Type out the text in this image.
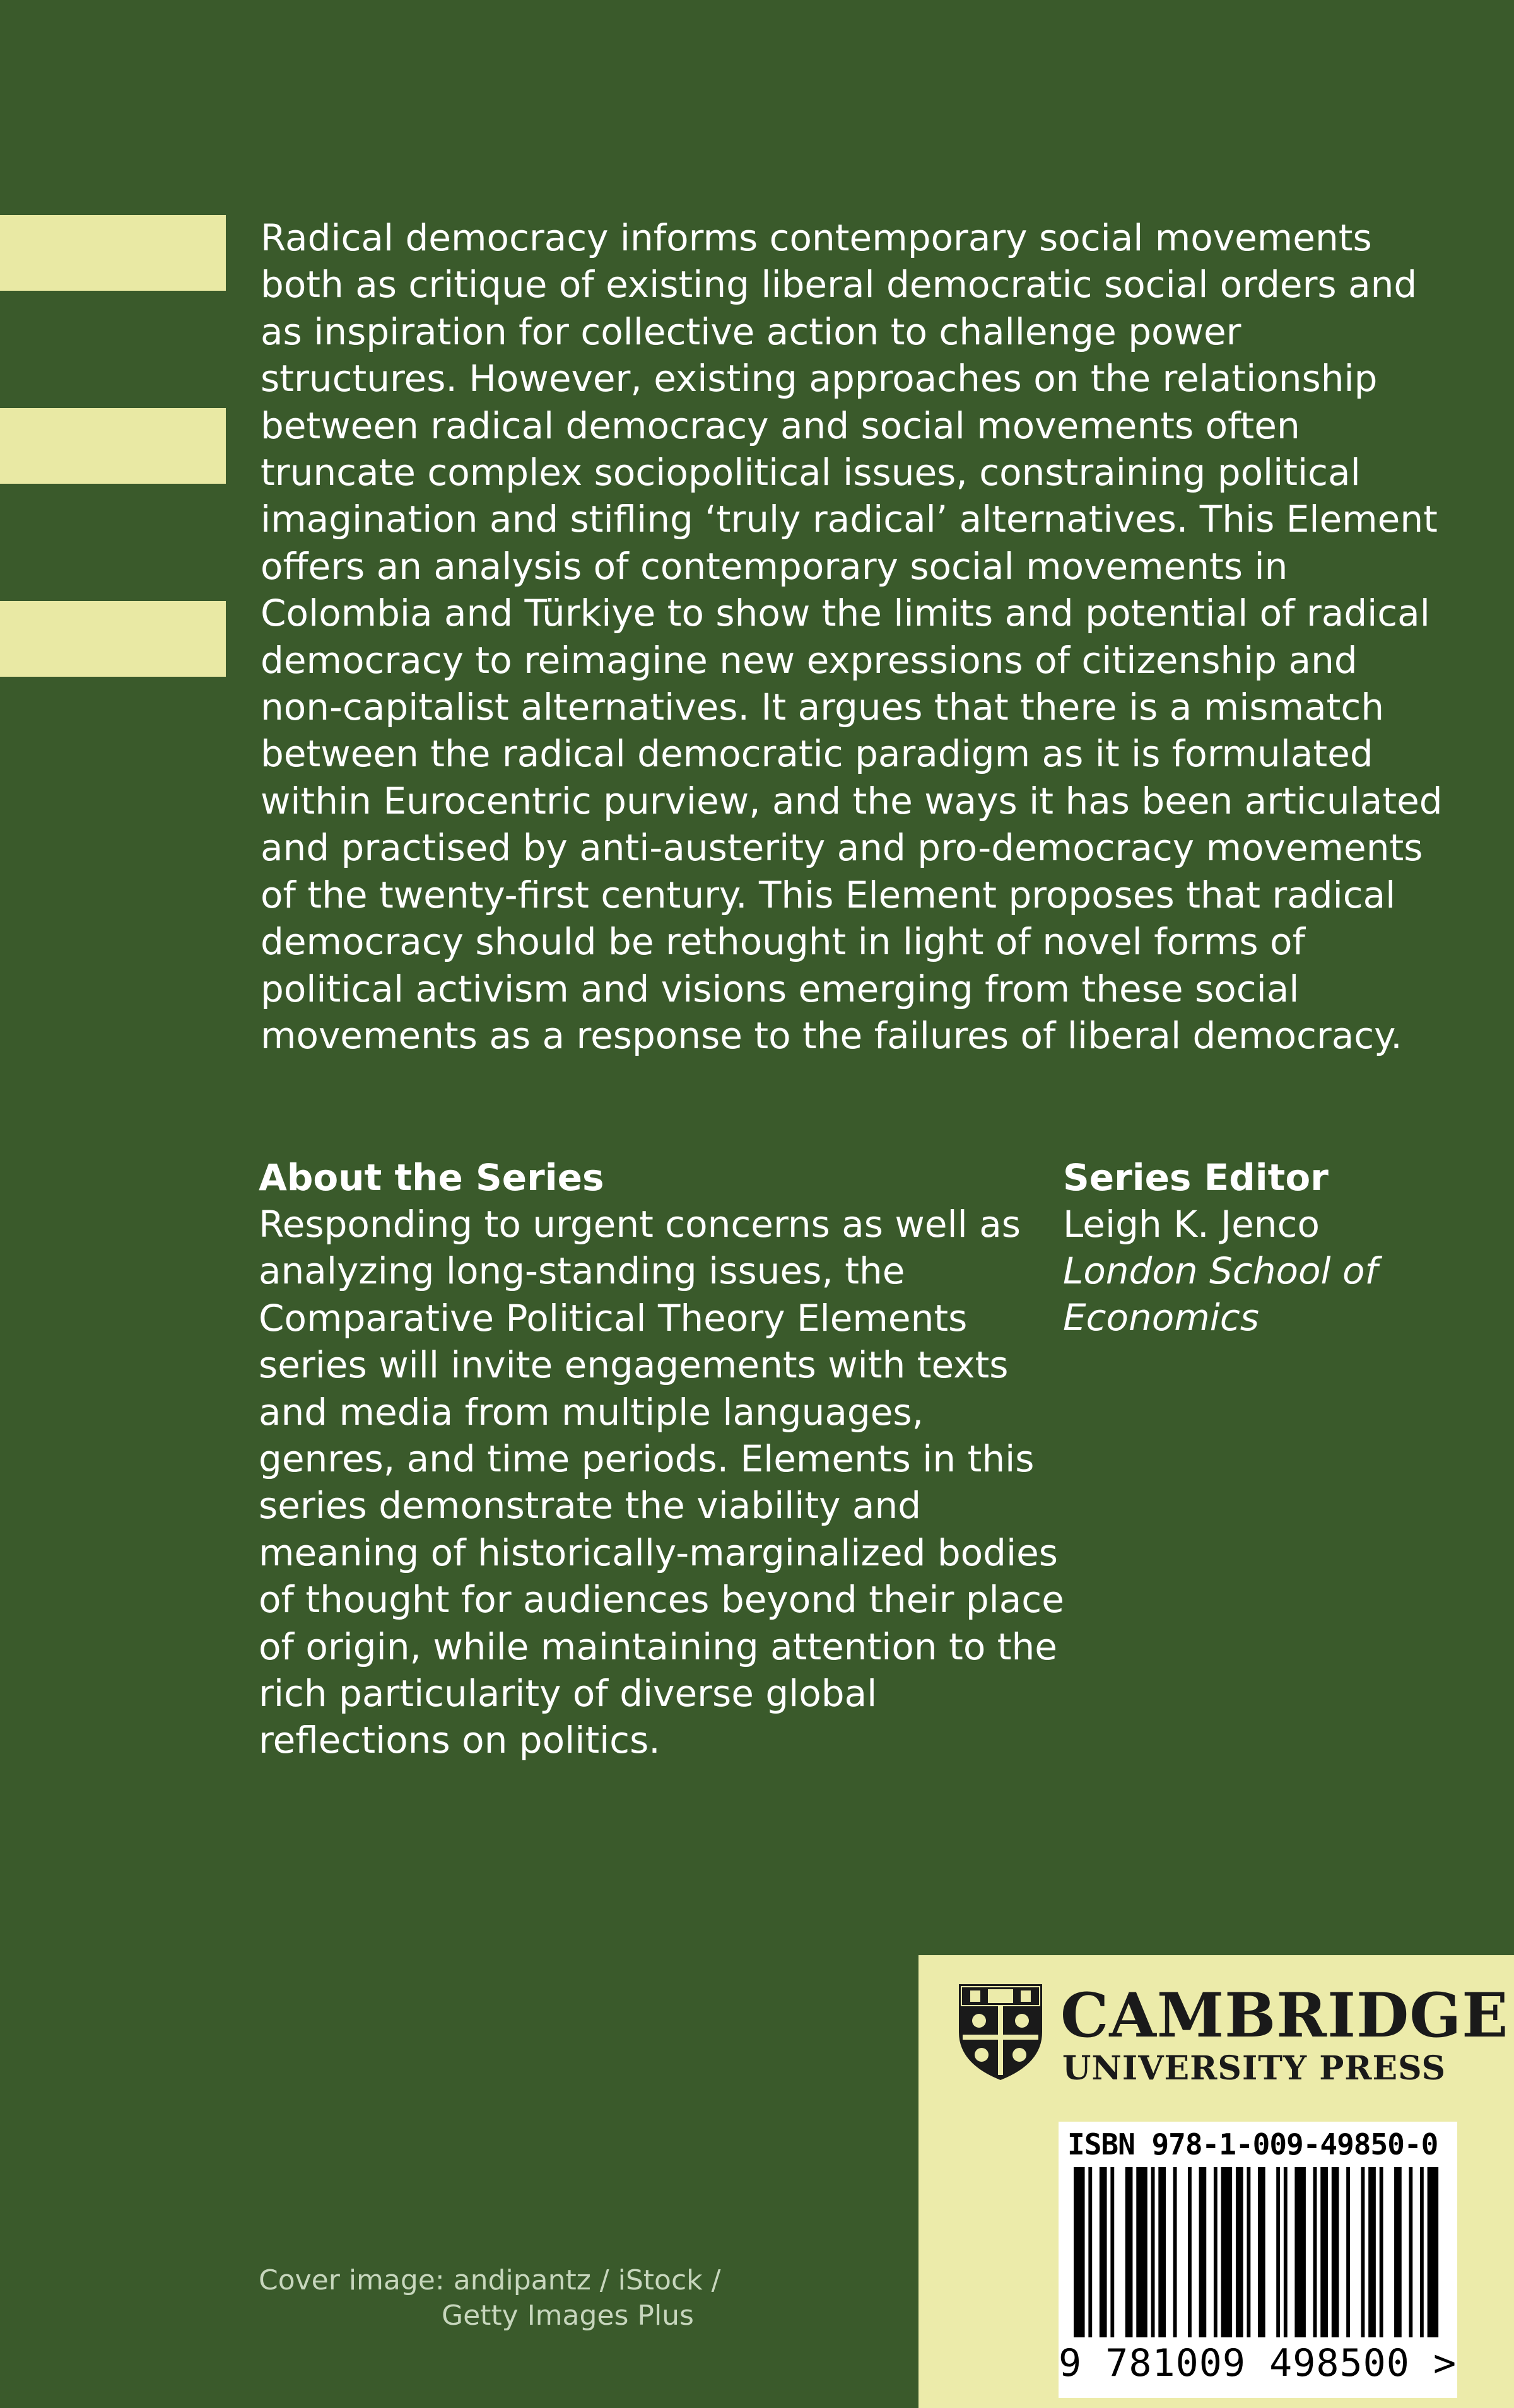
Radical democracy informs contemporary social movements both as critique of existing liberal democratic social orders and as inspiration for collective action to challenge power structures. However, existing approaches on the relationship between radical democracy and social movements often truncate complex sociopolitical issues, constraining political imagination and stifling ‘truly radical’ alternatives. This Element offers an analysis of contemporary social movements in Colombia and Türkiye to show the limits and potential of radical democracy to reimagine new expressions of citizenship and non-capitalist alternatives. It argues that there is a mismatch between the radical democratic paradigm as it is formulated within Eurocentric purview, and the ways it has been articulated and practised by anti-austerity and pro-democracy movements of the twenty-first century. This Element proposes that radical democracy should be rethought in light of novel forms of political activism and visions emerging from these social movements as a response to the failures of liberal democracy.

About the Series

Responding to urgent concerns as well as analyzing long-standing issues, the Comparative Political Theory Elements series will invite engagements with texts and media from multiple languages, genres, and time periods. Elements in this series demonstrate the viability and meaning of historically-marginalized bodies of thought for audiences beyond their place of origin, while maintaining attention to the rich particularity of diverse global reflections on politics.

Series Editor

Leigh K. Jenco

London School of Economics

Cover image: andipantz / iStock /
Getty Images Plus
CAMBRIDGE
UNIVERSITY PRESS
ISBN 978-1-009-49850-0
9 781009 498500 >
